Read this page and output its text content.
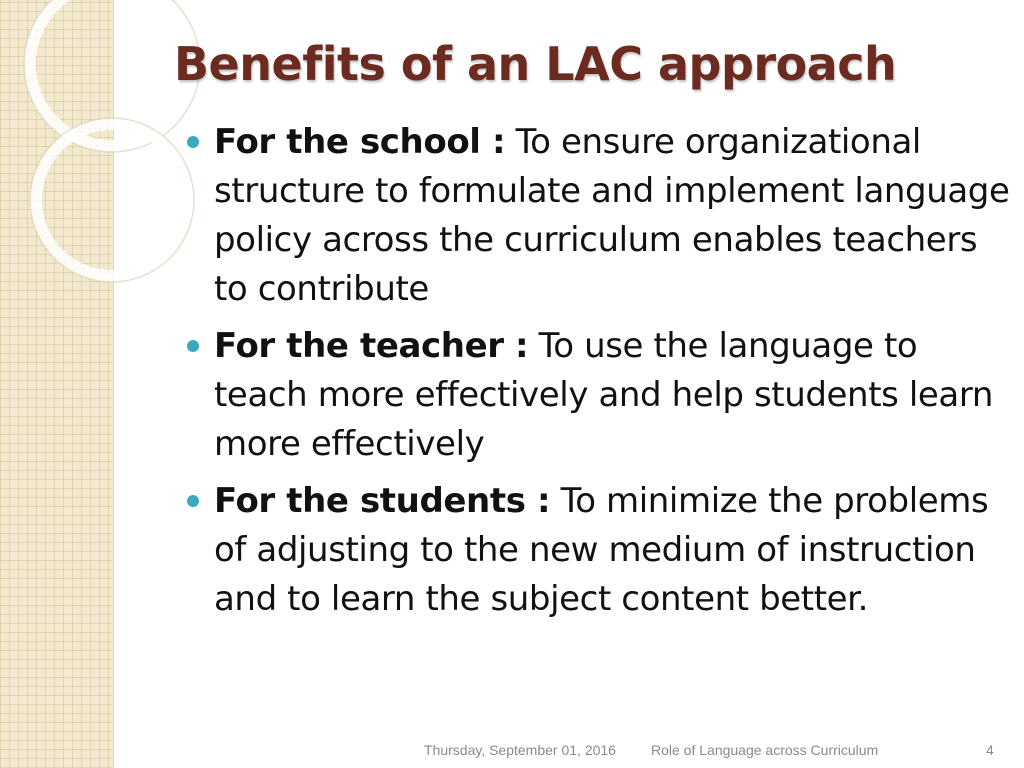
Benefits of an LAC approach
For the school : To ensure organizational structure to formulate and implement language policy across the curriculum enables teachers to contribute
For the teacher : To use the language to teach more effectively and help students learn more effectively
For the students : To minimize the problems of adjusting to the new medium of instruction and to learn the subject content better.
Thursday, September 01, 2016	Role of Language across Curriculum	4
